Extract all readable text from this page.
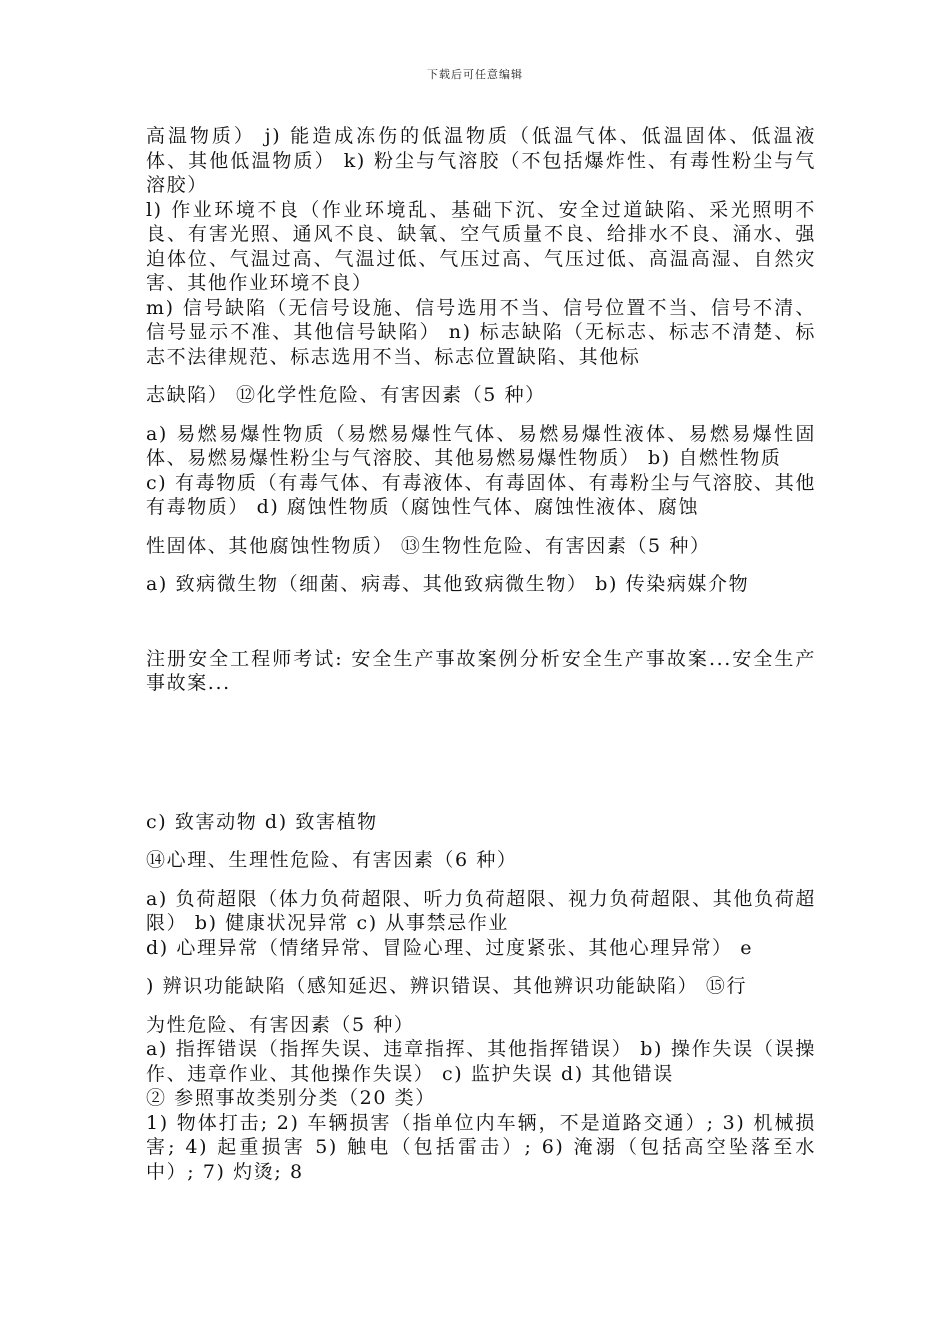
下载后可任意编辑

高温物质） j) 能造成冻伤的低温物质（低温气体、低温固体、低温液体、其他低温物质） k) 粉尘与气溶胶（不包括爆炸性、有毒性粉尘与气溶胶）

l) 作业环境不良（作业环境乱、基础下沉、安全过道缺陷、采光照明不良、有害光照、通风不良、缺氧、空气质量不良、给排水不良、涌水、强迫体位、气温过高、气温过低、气压过高、气压过低、高温高湿、自然灾害、其他作业环境不良）

m) 信号缺陷（无信号设施、信号选用不当、信号位置不当、信号不清、信号显示不准、其他信号缺陷） n) 标志缺陷（无标志、标志不清楚、标志不法律规范、标志选用不当、标志位置缺陷、其他标

志缺陷） ⑫化学性危险、有害因素（5 种）

a) 易燃易爆性物质（易燃易爆性气体、易燃易爆性液体、易燃易爆性固体、易燃易爆性粉尘与气溶胶、其他易燃易爆性物质） b) 自燃性物质

c) 有毒物质（有毒气体、有毒液体、有毒固体、有毒粉尘与气溶胶、其他有毒物质） d) 腐蚀性物质（腐蚀性气体、腐蚀性液体、腐蚀

性固体、其他腐蚀性物质） ⑬生物性危险、有害因素（5 种）

a) 致病微生物（细菌、病毒、其他致病微生物） b) 传染病媒介物

注册安全工程师考试: 安全生产事故案例分析安全生产事故案...安全生产事故案...

c) 致害动物 d) 致害植物

⑭心理、生理性危险、有害因素（6 种）

a) 负荷超限（体力负荷超限、听力负荷超限、视力负荷超限、其他负荷超限） b) 健康状况异常 c) 从事禁忌作业

d) 心理异常（情绪异常、冒险心理、过度紧张、其他心理异常） e

) 辨识功能缺陷（感知延迟、辨识错误、其他辨识功能缺陷） ⑮行

为性危险、有害因素（5 种）

a) 指挥错误（指挥失误、违章指挥、其他指挥错误） b) 操作失误（误操作、违章作业、其他操作失误） c) 监护失误 d) 其他错误

② 参照事故类别分类（20 类）

1) 物体打击; 2) 车辆损害（指单位内车辆，不是道路交通）; 3) 机械损害; 4) 起重损害 5) 触电（包括雷击）; 6) 淹溺（包括高空坠落至水中）; 7) 灼烫; 8
